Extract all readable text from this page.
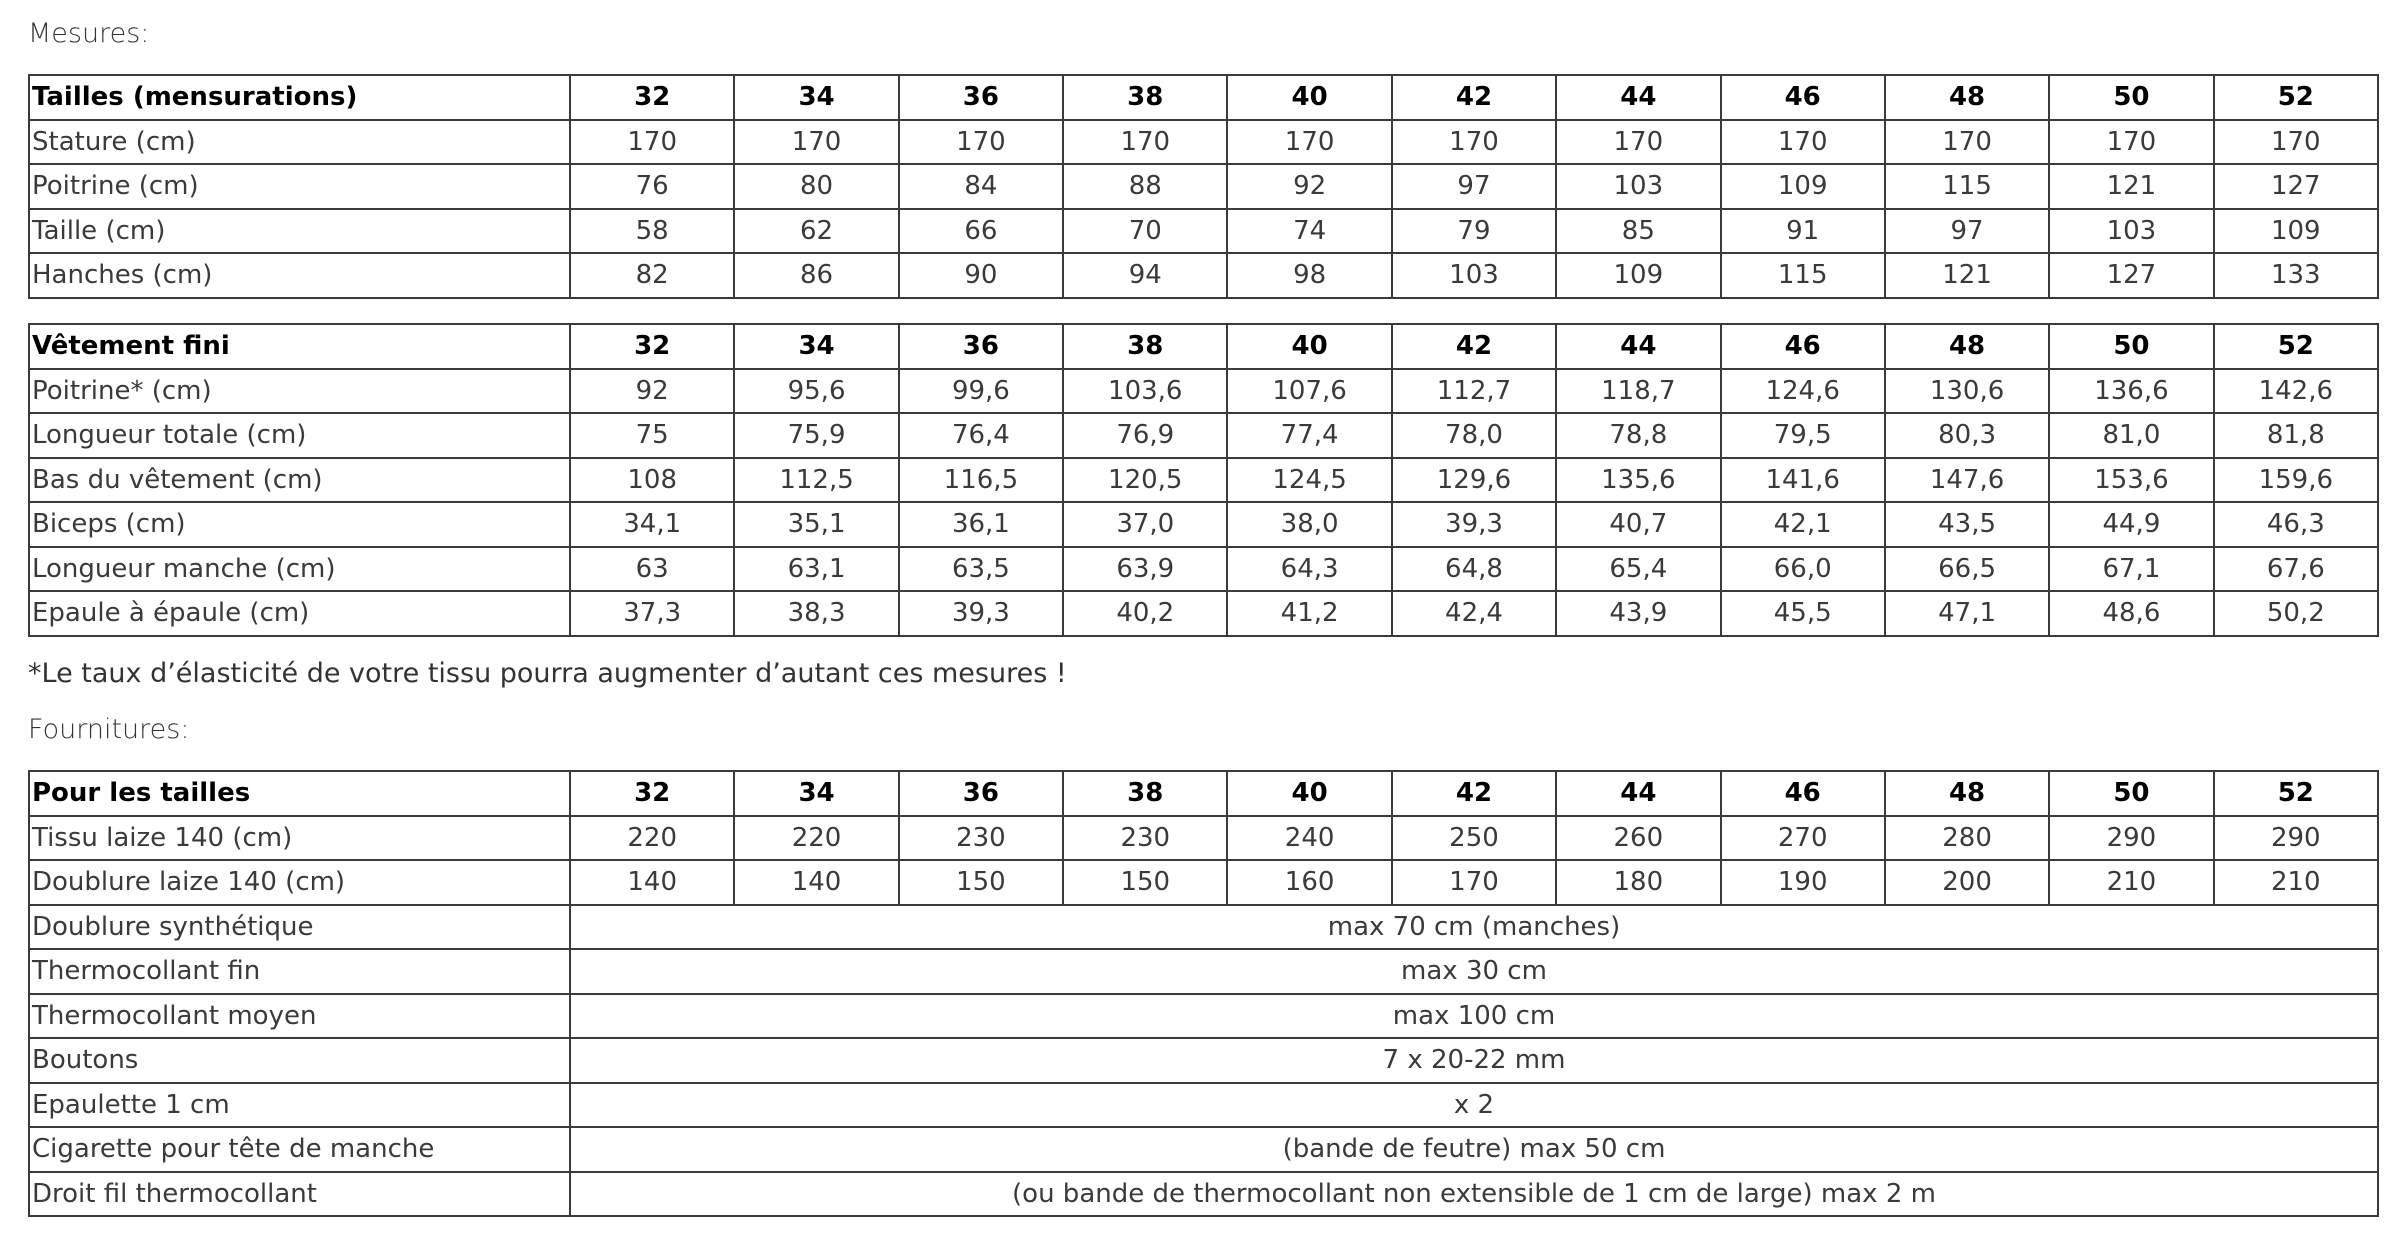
Mesures:
Tailles (mensurations)	32	34	36	38	40	42	44	46	48	50	52
Stature (cm)	170	170	170	170	170	170	170	170	170	170	170
Poitrine (cm)	76	80	84	88	92	97	103	109	115	121	127
Taille (cm)	58	62	66	70	74	79	85	91	97	103	109
Hanches (cm)	82	86	90	94	98	103	109	115	121	127	133
Vêtement fini	32	34	36	38	40	42	44	46	48	50	52
Poitrine* (cm)	92	95,6	99,6	103,6	107,6	112,7	118,7	124,6	130,6	136,6	142,6
Longueur totale (cm)	75	75,9	76,4	76,9	77,4	78,0	78,8	79,5	80,3	81,0	81,8
Bas du vêtement (cm)	108	112,5	116,5	120,5	124,5	129,6	135,6	141,6	147,6	153,6	159,6
Biceps (cm)	34,1	35,1	36,1	37,0	38,0	39,3	40,7	42,1	43,5	44,9	46,3
Longueur manche (cm)	63	63,1	63,5	63,9	64,3	64,8	65,4	66,0	66,5	67,1	67,6
Epaule à épaule (cm)	37,3	38,3	39,3	40,2	41,2	42,4	43,9	45,5	47,1	48,6	50,2
*Le taux d’élasticité de votre tissu pourra augmenter d’autant ces mesures !
Fournitures:
Pour les tailles	32	34	36	38	40	42	44	46	48	50	52
Tissu laize 140 (cm)	220	220	230	230	240	250	260	270	280	290	290
Doublure laize 140 (cm)	140	140	150	150	160	170	180	190	200	210	210
Doublure synthétique	max 70 cm (manches)										
Thermocollant fin	max 30 cm										
Thermocollant moyen	max 100 cm										
Boutons	7 x 20-22 mm										
Epaulette 1 cm	x 2										
Cigarette pour tête de manche	(bande de feutre) max 50 cm										
Droit fil thermocollant	(ou bande de thermocollant non extensible de 1 cm de large) max 2 m										
